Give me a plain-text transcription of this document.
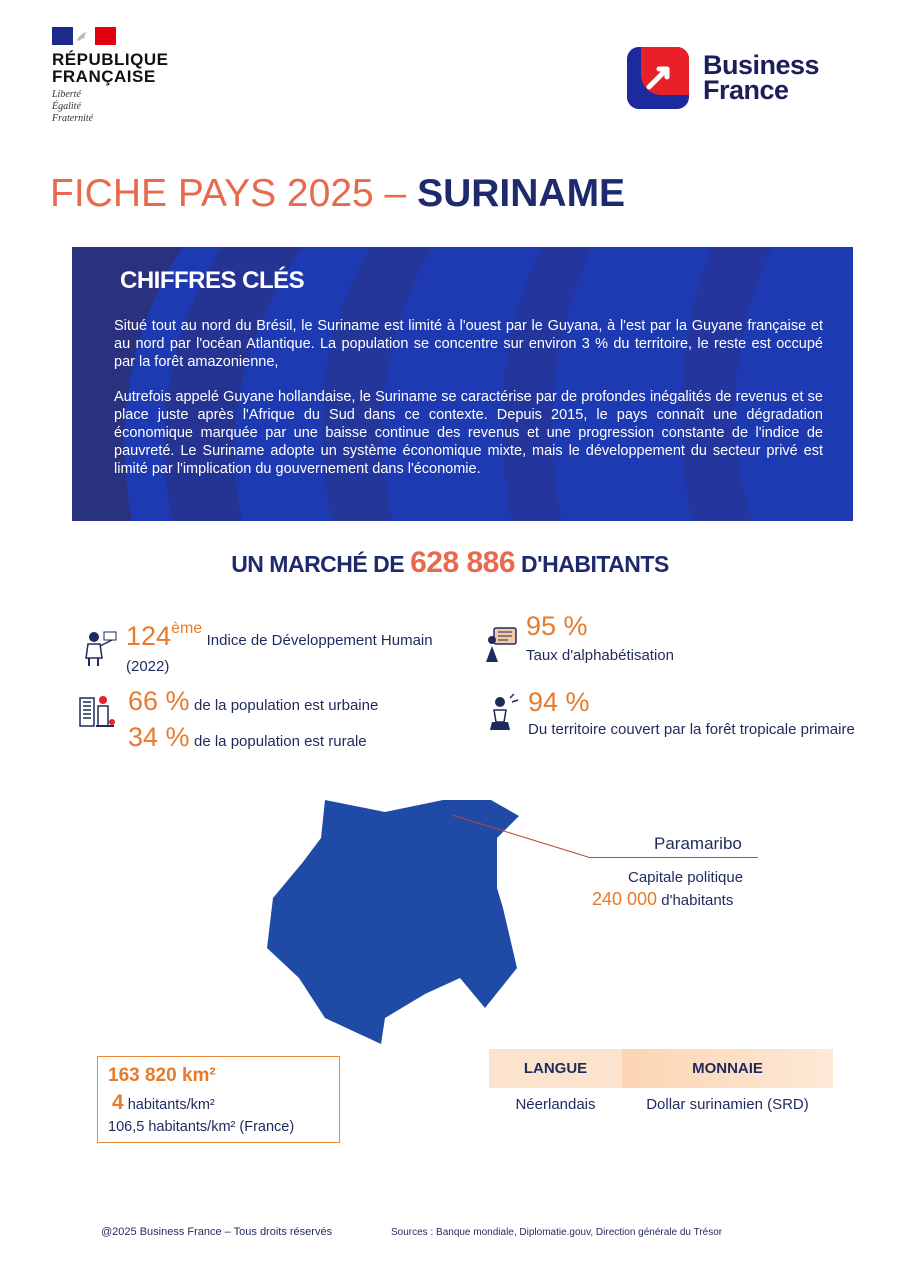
RÉPUBLIQUE
FRANÇAISE
Liberté
Égalité
Fraternité
Business
France
FICHE PAYS 2025 – SURINAME
CHIFFRES CLÉS

Situé tout au nord du Brésil, le Suriname est limité à l'ouest par le Guyana, à l'est par la Guyane française et au nord par l'océan Atlantique. La population se concentre sur environ 3 % du territoire, le reste est occupé par la forêt amazonienne,

Autrefois appelé Guyane hollandaise, le Suriname se caractérise par de profondes inégalités de revenus et se place juste après l'Afrique du Sud dans ce contexte. Depuis 2015, le pays connaît une dégradation économique marquée par une baisse continue des revenus et une progression constante de l'indice de pauvreté. Le Suriname adopte un système économique mixte, mais le développement du secteur privé est limité par l'implication du gouvernement dans l'économie.

UN MARCHÉ DE 628 886 D'HABITANTS
124ème Indice de Développement Humain
(2022)
95 %
Taux d'alphabétisation
66 % de la population est urbaine
34 % de la population est rurale
94 %
Du territoire couvert par la forêt tropicale primaire
Paramaribo
Capitale politique
240 000 d'habitants
163 820 km²
4 habitants/km²
106,5 habitants/km² (France)
LANGUE	MONNAIE
Néerlandais	Dollar surinamien (SRD)
@2025 Business France – Tous droits réservés	Sources : Banque mondiale, Diplomatie.gouv, Direction générale du Trésor
